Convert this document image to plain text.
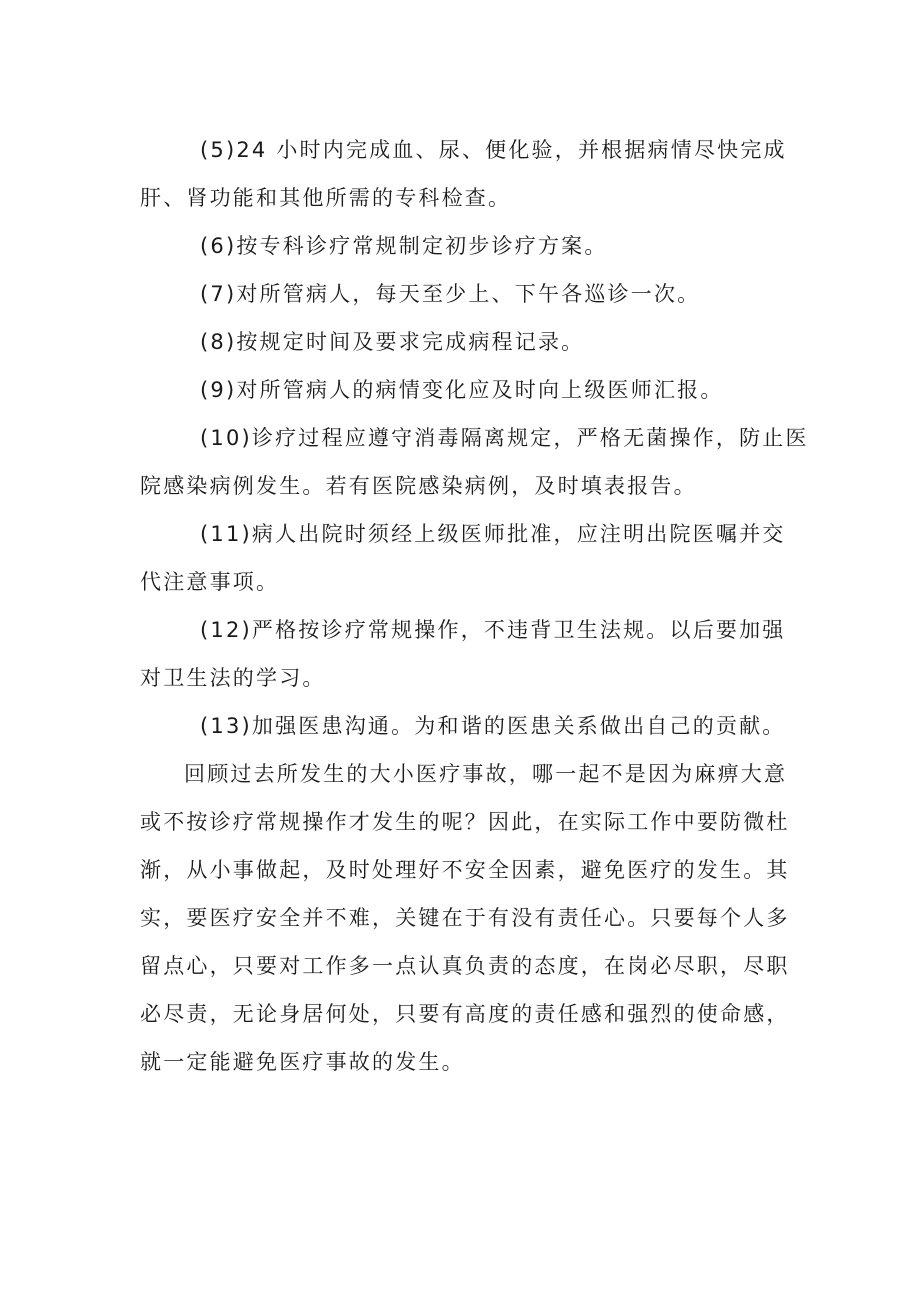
(5)24 小时内完成血、尿、便化验，并根据病情尽快完成
肝、肾功能和其他所需的专科检查。

(6)按专科诊疗常规制定初步诊疗方案。

(7)对所管病人，每天至少上、下午各巡诊一次。

(8)按规定时间及要求完成病程记录。

(9)对所管病人的病情变化应及时向上级医师汇报。

(10)诊疗过程应遵守消毒隔离规定，严格无菌操作，防止医
院感染病例发生。若有医院感染病例，及时填表报告。

(11)病人出院时须经上级医师批准，应注明出院医嘱并交
代注意事项。

(12)严格按诊疗常规操作，不违背卫生法规。以后要加强
对卫生法的学习。

(13)加强医患沟通。为和谐的医患关系做出自己的贡献。

回顾过去所发生的大小医疗事故，哪一起不是因为麻痹大意
或不按诊疗常规操作才发生的呢？因此，在实际工作中要防微杜
渐，从小事做起，及时处理好不安全因素，避免医疗的发生。其
实，要医疗安全并不难，关键在于有没有责任心。只要每个人多
留点心，只要对工作多一点认真负责的态度，在岗必尽职，尽职
必尽责，无论身居何处，只要有高度的责任感和强烈的使命感，
就一定能避免医疗事故的发生。
